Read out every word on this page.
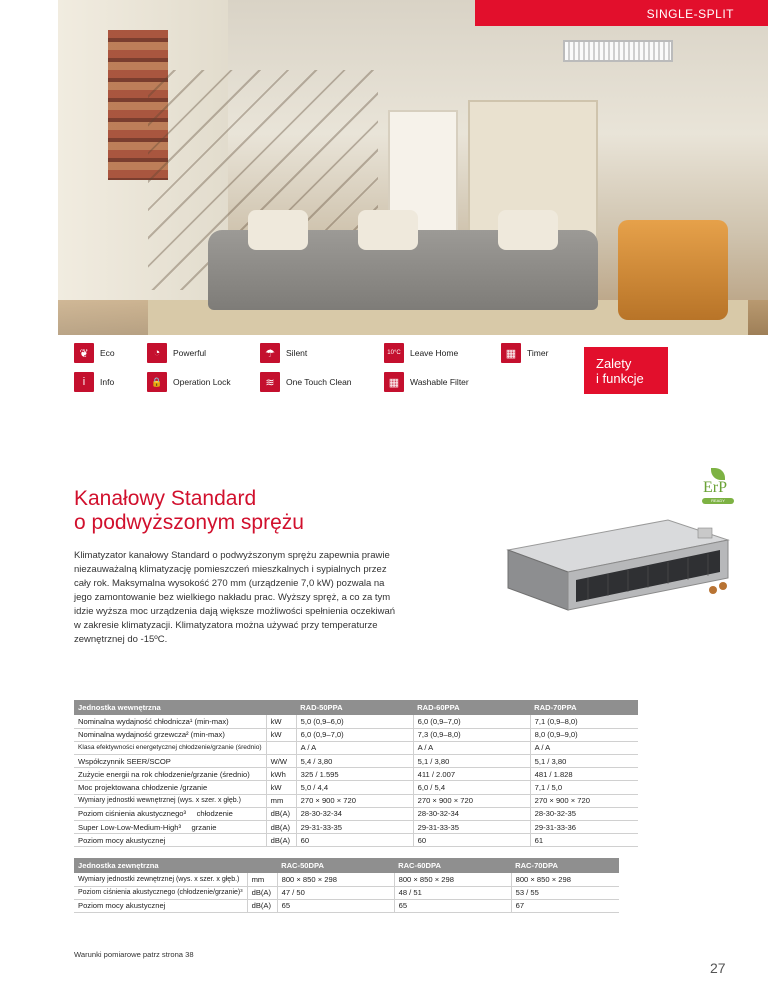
SINGLE-SPLIT
❦	Eco	◔	Powerful	☂	Silent	10°C	Leave Home	▦	Timer
i	Info	🔒	Operation Lock	≋	One Touch Clean	▦	Washable Filter
Zalety
i funkcje
ErP
READY
Kanałowy Standard
o podwyższonym sprężu

Klimatyzator kanałowy Standard o podwyższonym sprężu zapewnia prawie niezauważalną klimatyzację pomieszczeń mieszkalnych i sypialnych przez cały rok. Maksymalna wysokość 270 mm (urządzenie 7,0 kW) pozwala na jego zamontowanie bez wielkiego nakładu prac. Wyższy spręż, a co za tym idzie wyższa moc urządzenia dają większe możliwości spełnienia oczekiwań w zakresie klimatyzacji. Klimatyzatora można używać przy temperaturze zewnętrznej do -15ºC.

Jednostka wewnętrzna		RAD-50PPA	RAD-60PPA	RAD-70PPA
Nominalna wydajność chłodnicza¹ (min-max)	kW	5,0 (0,9–6,0)	6,0 (0,9–7,0)	7,1 (0,9–8,0)
Nominalna wydajność grzewcza² (min-max)	kW	6,0 (0,9–7,0)	7,3 (0,9–8,0)	8,0 (0,9–9,0)
Klasa efektywności energetycznej chłodzenie/grzanie (średnio)		A / A	A / A	A / A
Współczynnik SEER/SCOP	W/W	5,4 / 3,80	5,1 / 3,80	5,1 / 3,80
Zużycie energii na rok chłodzenie/grzanie (średnio)	kWh	325 / 1.595	411 / 2.007	481 / 1.828
Moc projektowana chłodzenie /grzanie	kW	5,0 / 4,4	6,0 / 5,4	7,1 / 5,0
Wymiary jednostki wewnętrznej (wys. x szer. x głęb.)	mm	270 × 900 × 720	270 × 900 × 720	270 × 900 × 720
Poziom ciśnienia akustycznego³     chłodzenie	dB(A)	28-30-32-34	28-30-32-34	28-30-32-35
Super Low-Low-Medium-High³     grzanie	dB(A)	29-31-33-35	29-31-33-35	29-31-33-36
Poziom mocy akustycznej	dB(A)	60	60	61
Jednostka zewnętrzna		RAC-50DPA	RAC-60DPA	RAC-70DPA
Wymiary jednostki zewnętrznej (wys. x szer. x głęb.)	mm	800 × 850 × 298	800 × 850 × 298	800 × 850 × 298
Poziom ciśnienia akustycznego (chłodzenie/grzanie)³	dB(A)	47 / 50	48 / 51	53 / 55
Poziom mocy akustycznej	dB(A)	65	65	67
Warunki pomiarowe patrz strona 38
27
